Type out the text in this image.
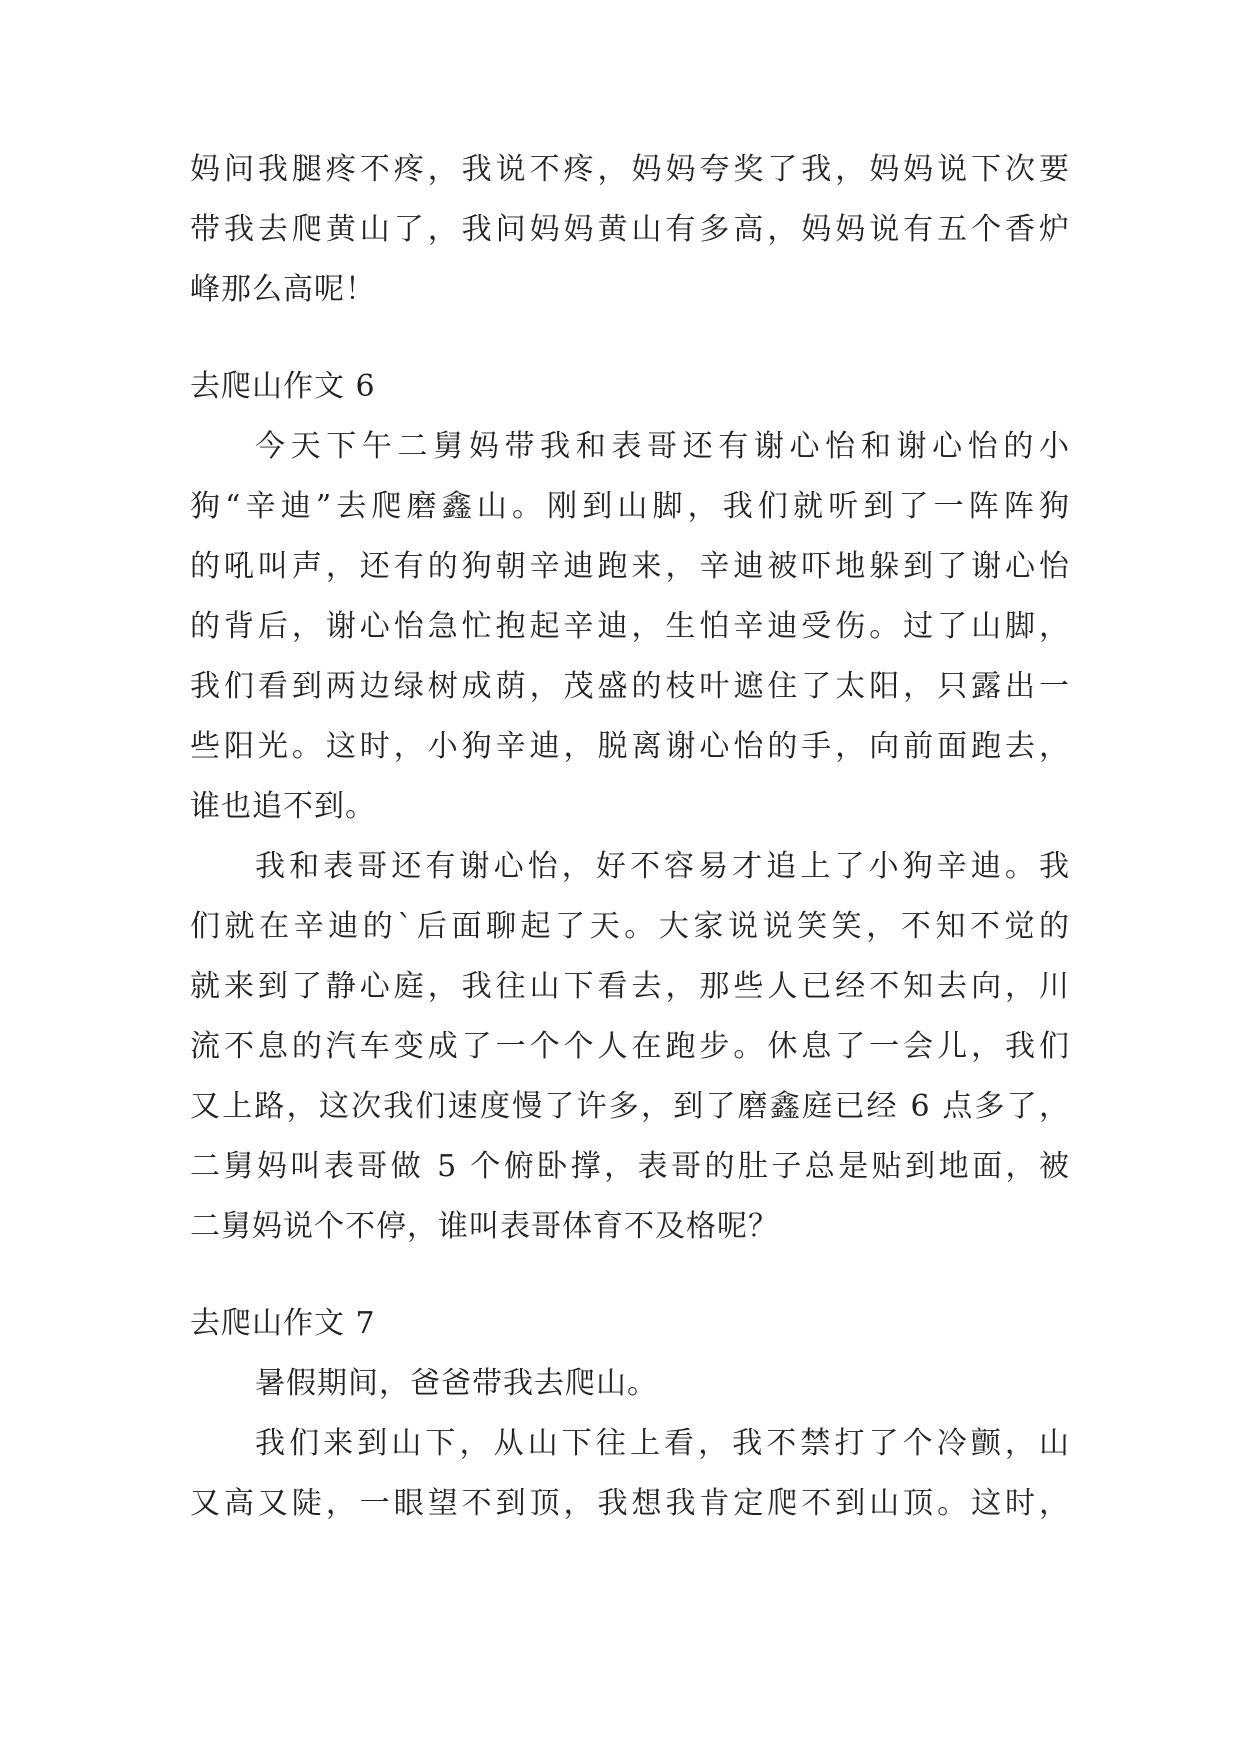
妈问我腿疼不疼，我说不疼，妈妈夸奖了我，妈妈说下次要
带我去爬黄山了，我问妈妈黄山有多高，妈妈说有五个香炉
峰那么高呢！
去爬山作文 6
今天下午二舅妈带我和表哥还有谢心怡和谢心怡的小
狗“辛迪”去爬磨鑫山。刚到山脚，我们就听到了一阵阵狗
的吼叫声，还有的狗朝辛迪跑来，辛迪被吓地躲到了谢心怡
的背后，谢心怡急忙抱起辛迪，生怕辛迪受伤。过了山脚，
我们看到两边绿树成荫，茂盛的枝叶遮住了太阳，只露出一
些阳光。这时，小狗辛迪，脱离谢心怡的手，向前面跑去，
谁也追不到。
我和表哥还有谢心怡，好不容易才追上了小狗辛迪。我
们就在辛迪的`后面聊起了天。大家说说笑笑，不知不觉的
就来到了静心庭，我往山下看去，那些人已经不知去向，川
流不息的汽车变成了一个个人在跑步。休息了一会儿，我们
又上路，这次我们速度慢了许多，到了磨鑫庭已经 6 点多了，
二舅妈叫表哥做 5 个俯卧撑，表哥的肚子总是贴到地面，被
二舅妈说个不停，谁叫表哥体育不及格呢？
去爬山作文 7
暑假期间，爸爸带我去爬山。
我们来到山下，从山下往上看，我不禁打了个冷颤，山
又高又陡，一眼望不到顶，我想我肯定爬不到山顶。这时，
